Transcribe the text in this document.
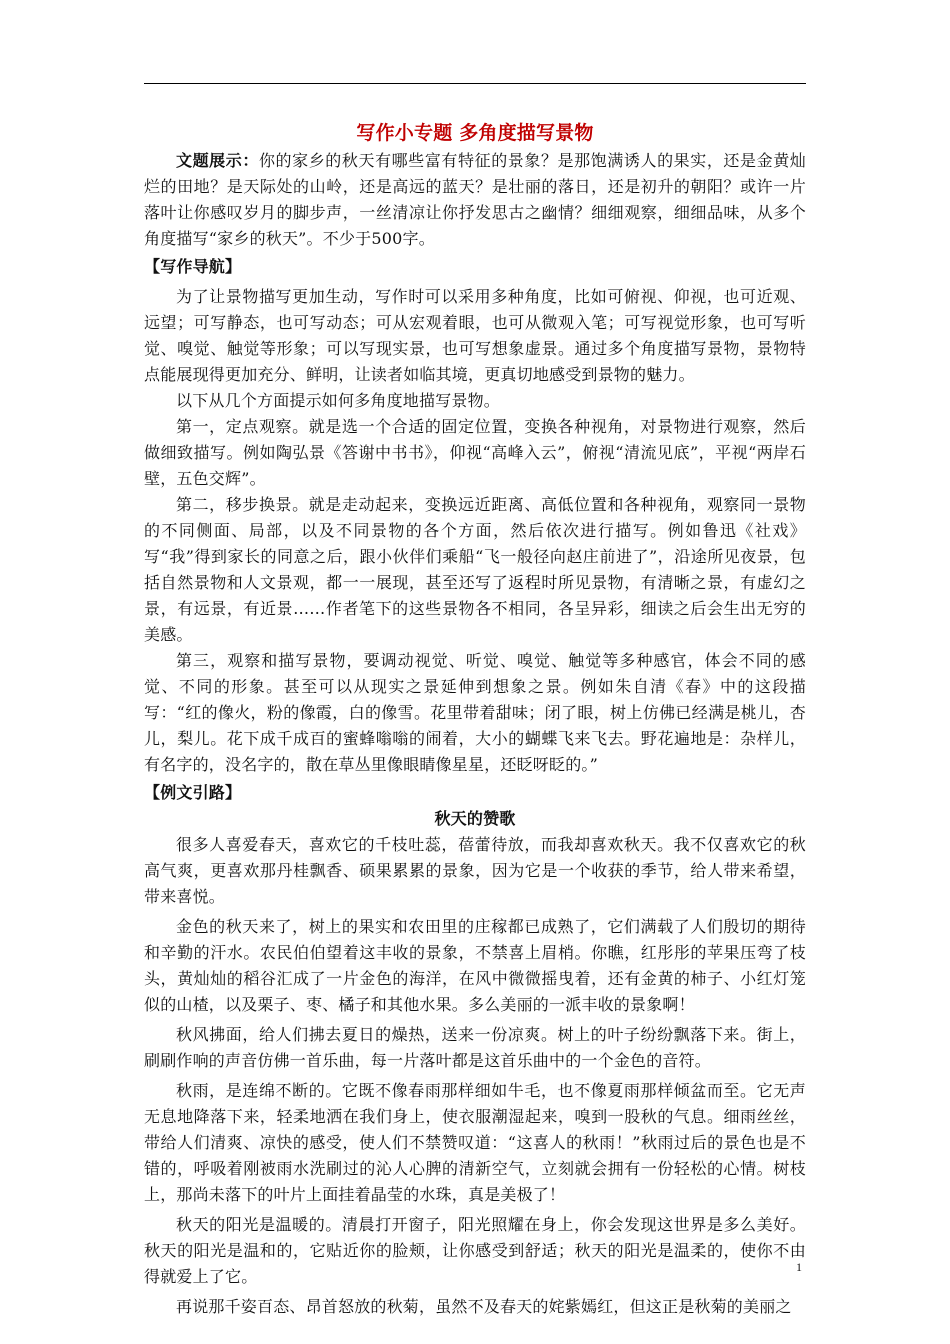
写作小专题 多角度描写景物

文题展示：你的家乡的秋天有哪些富有特征的景象？是那饱满诱人的果实，还是金黄灿烂的田地？是天际处的山岭，还是高远的蓝天？是壮丽的落日，还是初升的朝阳？或许一片落叶让你感叹岁月的脚步声，一丝清凉让你抒发思古之幽情？细细观察，细细品味，从多个角度描写“家乡的秋天”。不少于500字。

【写作导航】

为了让景物描写更加生动，写作时可以采用多种角度，比如可俯视、仰视，也可近观、远望；可写静态，也可写动态；可从宏观着眼，也可从微观入笔；可写视觉形象，也可写听觉、嗅觉、触觉等形象；可以写现实景，也可写想象虚景。通过多个角度描写景物，景物特点能展现得更加充分、鲜明，让读者如临其境，更真切地感受到景物的魅力。

以下从几个方面提示如何多角度地描写景物。

第一，定点观察。就是选一个合适的固定位置，变换各种视角，对景物进行观察，然后做细致描写。例如陶弘景《答谢中书书》，仰视“高峰入云”，俯视“清流见底”，平视“两岸石壁，五色交辉”。

第二，移步换景。就是走动起来，变换远近距离、高低位置和各种视角，观察同一景物的不同侧面、局部，以及不同景物的各个方面，然后依次进行描写。例如鲁迅《社戏》写“我”得到家长的同意之后，跟小伙伴们乘船“飞一般径向赵庄前进了”，沿途所见夜景，包括自然景物和人文景观，都一一展现，甚至还写了返程时所见景物，有清晰之景，有虚幻之景，有远景，有近景……作者笔下的这些景物各不相同，各呈异彩，细读之后会生出无穷的美感。

第三，观察和描写景物，要调动视觉、听觉、嗅觉、触觉等多种感官，体会不同的感觉、不同的形象。甚至可以从现实之景延伸到想象之景。例如朱自清《春》中的这段描写：“红的像火，粉的像霞，白的像雪。花里带着甜味；闭了眼，树上仿佛已经满是桃儿，杏儿，梨儿。花下成千成百的蜜蜂嗡嗡的闹着，大小的蝴蝶飞来飞去。野花遍地是：杂样儿，有名字的，没名字的，散在草丛里像眼睛像星星，还眨呀眨的。”

【例文引路】
秋天的赞歌

很多人喜爱春天，喜欢它的千枝吐蕊，蓓蕾待放，而我却喜欢秋天。我不仅喜欢它的秋高气爽，更喜欢那丹桂飘香、硕果累累的景象，因为它是一个收获的季节，给人带来希望，带来喜悦。

金色的秋天来了，树上的果实和农田里的庄稼都已成熟了，它们满载了人们殷切的期待和辛勤的汗水。农民伯伯望着这丰收的景象，不禁喜上眉梢。你瞧，红彤彤的苹果压弯了枝头，黄灿灿的稻谷汇成了一片金色的海洋，在风中微微摇曳着，还有金黄的柿子、小红灯笼似的山楂，以及栗子、枣、橘子和其他水果。多么美丽的一派丰收的景象啊！

秋风拂面，给人们拂去夏日的燥热，送来一份凉爽。树上的叶子纷纷飘落下来。街上，刷刷作响的声音仿佛一首乐曲，每一片落叶都是这首乐曲中的一个金色的音符。

秋雨，是连绵不断的。它既不像春雨那样细如牛毛，也不像夏雨那样倾盆而至。它无声无息地降落下来，轻柔地洒在我们身上，使衣服潮湿起来，嗅到一股秋的气息。细雨丝丝，带给人们清爽、凉快的感受，使人们不禁赞叹道：“这喜人的秋雨！”秋雨过后的景色也是不错的，呼吸着刚被雨水洗刷过的沁人心脾的清新空气，立刻就会拥有一份轻松的心情。树枝上，那尚未落下的叶片上面挂着晶莹的水珠，真是美极了！

秋天的阳光是温暖的。清晨打开窗子，阳光照耀在身上，你会发现这世界是多么美好。秋天的阳光是温和的，它贴近你的脸颊，让你感受到舒适；秋天的阳光是温柔的，使你不由得就爱上了它。

再说那千姿百态、昂首怒放的秋菊，虽然不及春天的姹紫嫣红，但这正是秋菊的美丽之

1
